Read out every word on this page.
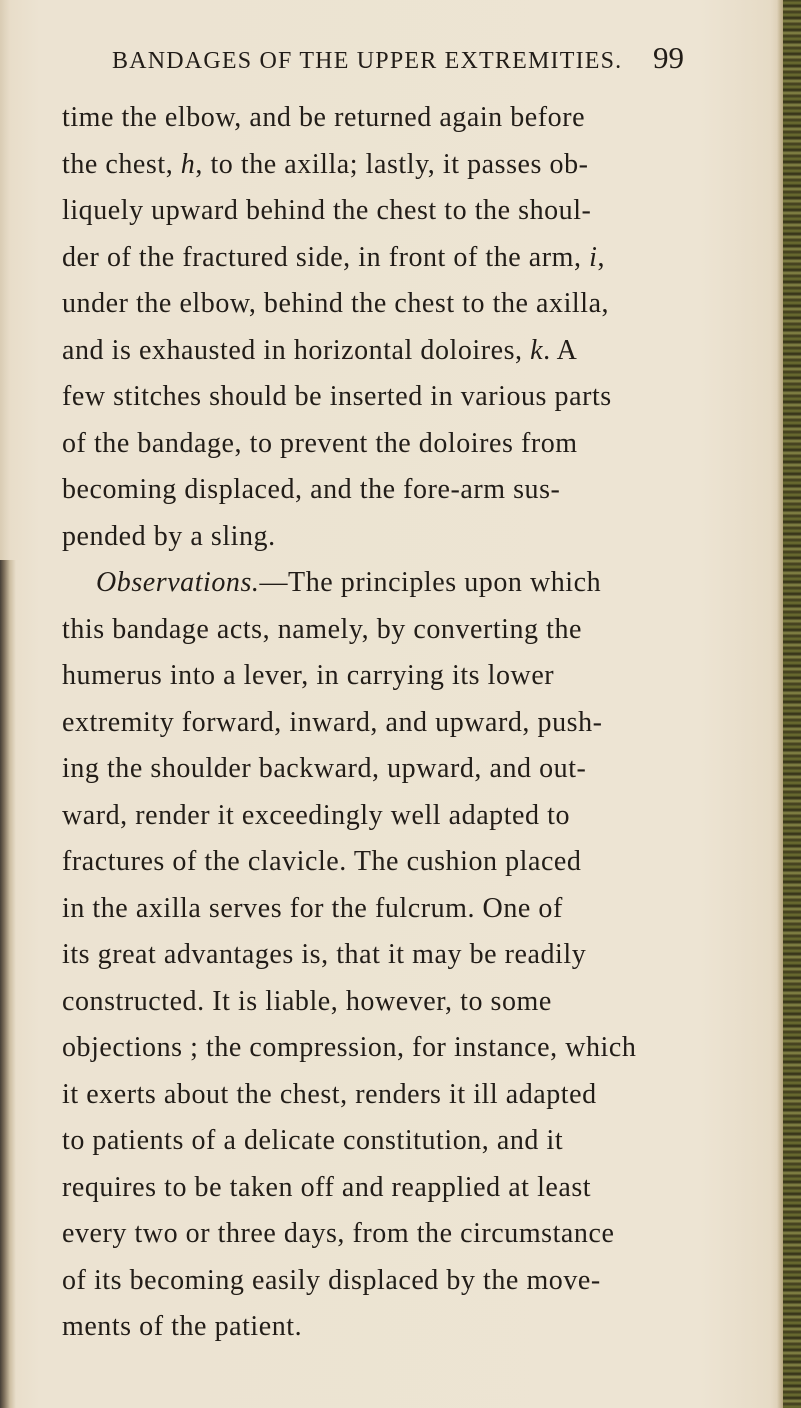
BANDAGES OF THE UPPER EXTREMITIES. 99
time the elbow, and be returned again before
the chest, h, to the axilla; lastly, it passes ob-
liquely upward behind the chest to the shoul-
der of the fractured side, in front of the arm, i,
under the elbow, behind the chest to the axilla,
and is exhausted in horizontal doloires, k. A
few stitches should be inserted in various parts
of the bandage, to prevent the doloires from
becoming displaced, and the fore-arm sus-
pended by a sling.
Observations.—The principles upon which
this bandage acts, namely, by converting the
humerus into a lever, in carrying its lower
extremity forward, inward, and upward, push-
ing the shoulder backward, upward, and out-
ward, render it exceedingly well adapted to
fractures of the clavicle. The cushion placed
in the axilla serves for the fulcrum. One of
its great advantages is, that it may be readily
constructed. It is liable, however, to some
objections ; the compression, for instance, which
it exerts about the chest, renders it ill adapted
to patients of a delicate constitution, and it
requires to be taken off and reapplied at least
every two or three days, from the circumstance
of its becoming easily displaced by the move-
ments of the patient.
